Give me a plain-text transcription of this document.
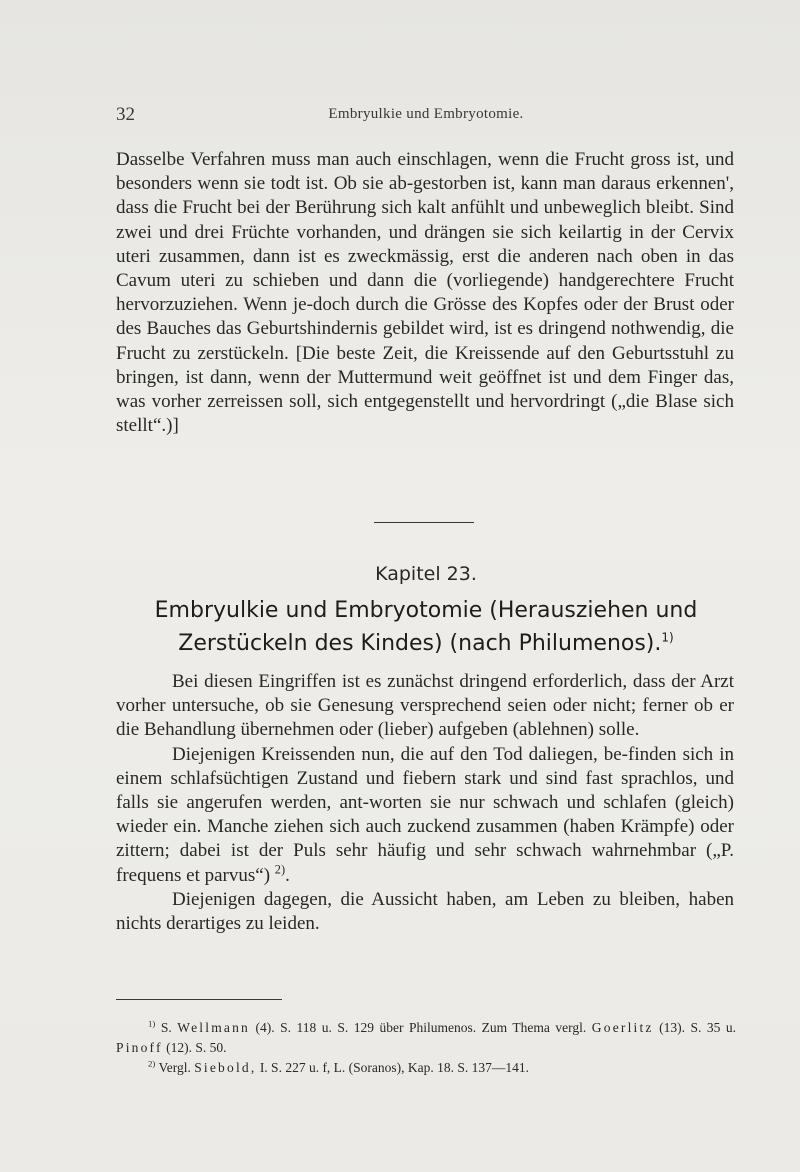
32	Embryulkie und Embryotomie.

Dasselbe Verfahren muss man auch einschlagen, wenn die Frucht gross ist, und besonders wenn sie todt ist. Ob sie ab-gestorben ist, kann man daraus erkennen', dass die Frucht bei der Berührung sich kalt anfühlt und unbeweglich bleibt. Sind zwei und drei Früchte vorhanden, und drängen sie sich keilartig in der Cervix uteri zusammen, dann ist es zweckmässig, erst die anderen nach oben in das Cavum uteri zu schieben und dann die (vorliegende) handgerechtere Frucht hervorzuziehen. Wenn je-doch durch die Grösse des Kopfes oder der Brust oder des Bauches das Geburtshindernis gebildet wird, ist es dringend nothwendig, die Frucht zu zerstückeln. [Die beste Zeit, die Kreissende auf den Geburtsstuhl zu bringen, ist dann, wenn der Muttermund weit geöffnet ist und dem Finger das, was vorher zerreissen soll, sich entgegenstellt und hervordringt („die Blase sich stellt“.)]

Kapitel 23.
Embryulkie und Embryotomie (Herausziehen und Zerstückeln des Kindes) (nach Philumenos).$^{1)}$

Bei diesen Eingriffen ist es zunächst dringend erforderlich, dass der Arzt vorher untersuche, ob sie Genesung versprechend seien oder nicht; ferner ob er die Behandlung übernehmen oder (lieber) aufgeben (ablehnen) solle.

Diejenigen Kreissenden nun, die auf den Tod daliegen, be-finden sich in einem schlafsüchtigen Zustand und fiebern stark und sind fast sprachlos, und falls sie angerufen werden, ant-worten sie nur schwach und schlafen (gleich) wieder ein. Manche ziehen sich auch zuckend zusammen (haben Krämpfe) oder zittern; dabei ist der Puls sehr häufig und sehr schwach wahrnehmbar („P. frequens et parvus“) $^{2)}$.

Diejenigen dagegen, die Aussicht haben, am Leben zu bleiben, haben nichts derartiges zu leiden.

$^{1)}$ S. Wellmann (4). S. 118 u. S. 129 über Philumenos. Zum Thema vergl. Goerlitz (13). S. 35 u. Pinoff (12). S. 50.

$^{2)}$ Vergl. Siebold, I. S. 227 u. f, L. (Soranos), Kap. 18. S. 137—141.
